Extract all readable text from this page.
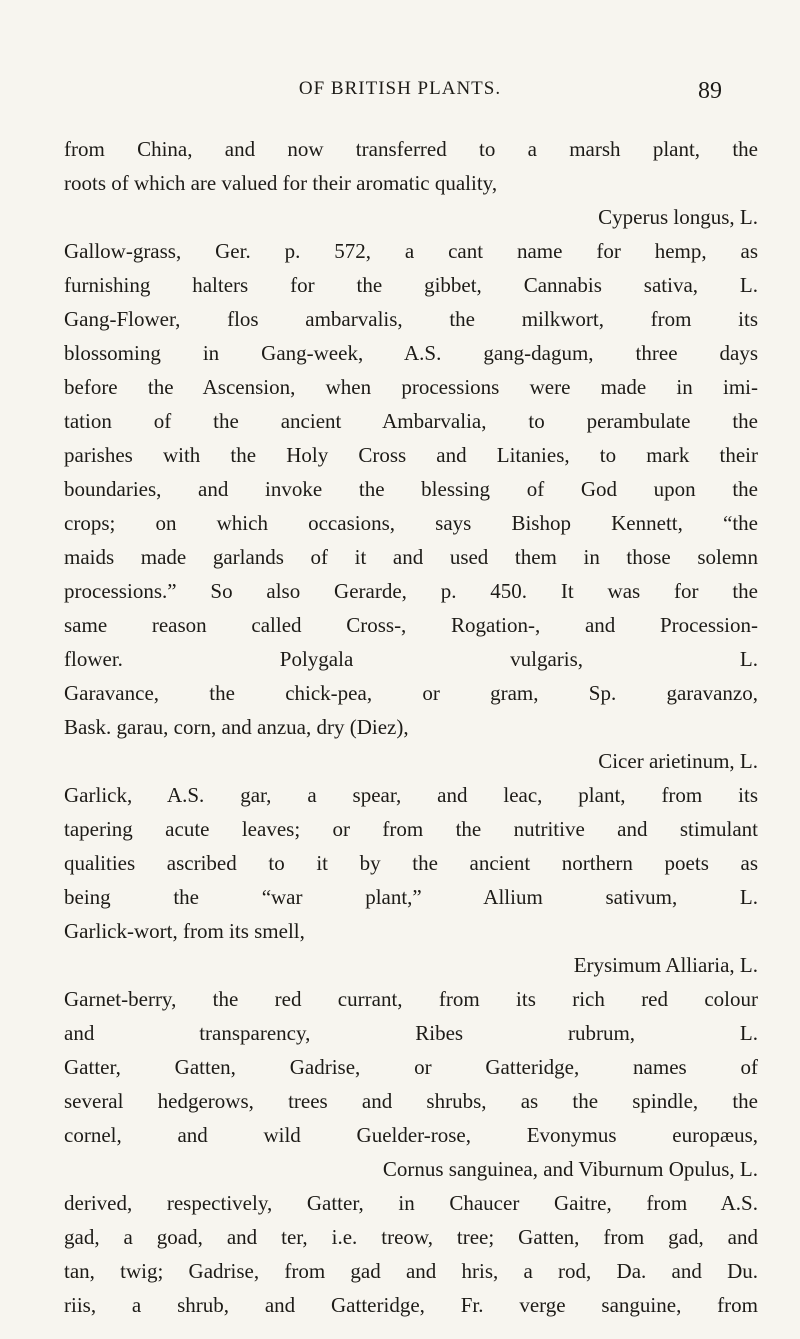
OF BRITISH PLANTS.	89
from China, and now transferred to a marsh plant, the
roots of which are valued for their aromatic quality,
Cyperus longus, L.
Gallow-grass, Ger. p. 572, a cant name for hemp, as
furnishing halters for the gibbet, Cannabis sativa, L.
Gang-Flower, flos ambarvalis, the milkwort, from its
blossoming in Gang-week, A.S. gang-dagum, three days
before the Ascension, when processions were made in imi-
tation of the ancient Ambarvalia, to perambulate the
parishes with the Holy Cross and Litanies, to mark their
boundaries, and invoke the blessing of God upon the
crops; on which occasions, says Bishop Kennett, “the
maids made garlands of it and used them in those solemn
processions.” So also Gerarde, p. 450. It was for the
same reason called Cross-, Rogation-, and Procession-
flower. Polygala vulgaris, L.
Garavance, the chick-pea, or gram, Sp. garavanzo,
Bask. garau, corn, and anzua, dry (Diez),
Cicer arietinum, L.
Garlick, A.S. gar, a spear, and leac, plant, from its
tapering acute leaves; or from the nutritive and stimulant
qualities ascribed to it by the ancient northern poets as
being the “war plant,” Allium sativum, L.
Garlick-wort, from its smell,
Erysimum Alliaria, L.
Garnet-berry, the red currant, from its rich red colour
and transparency, Ribes rubrum, L.
Gatter, Gatten, Gadrise, or Gatteridge, names of
several hedgerows, trees and shrubs, as the spindle, the
cornel, and wild Guelder-rose, Evonymus europæus,
Cornus sanguinea, and Viburnum Opulus, L.
derived, respectively, Gatter, in Chaucer Gaitre, from A.S.
gad, a goad, and ter, i.e. treow, tree; Gatten, from gad, and
tan, twig; Gadrise, from gad and hris, a rod, Da. and Du.
riis, a shrub, and Gatteridge, Fr. verge sanguine, from
